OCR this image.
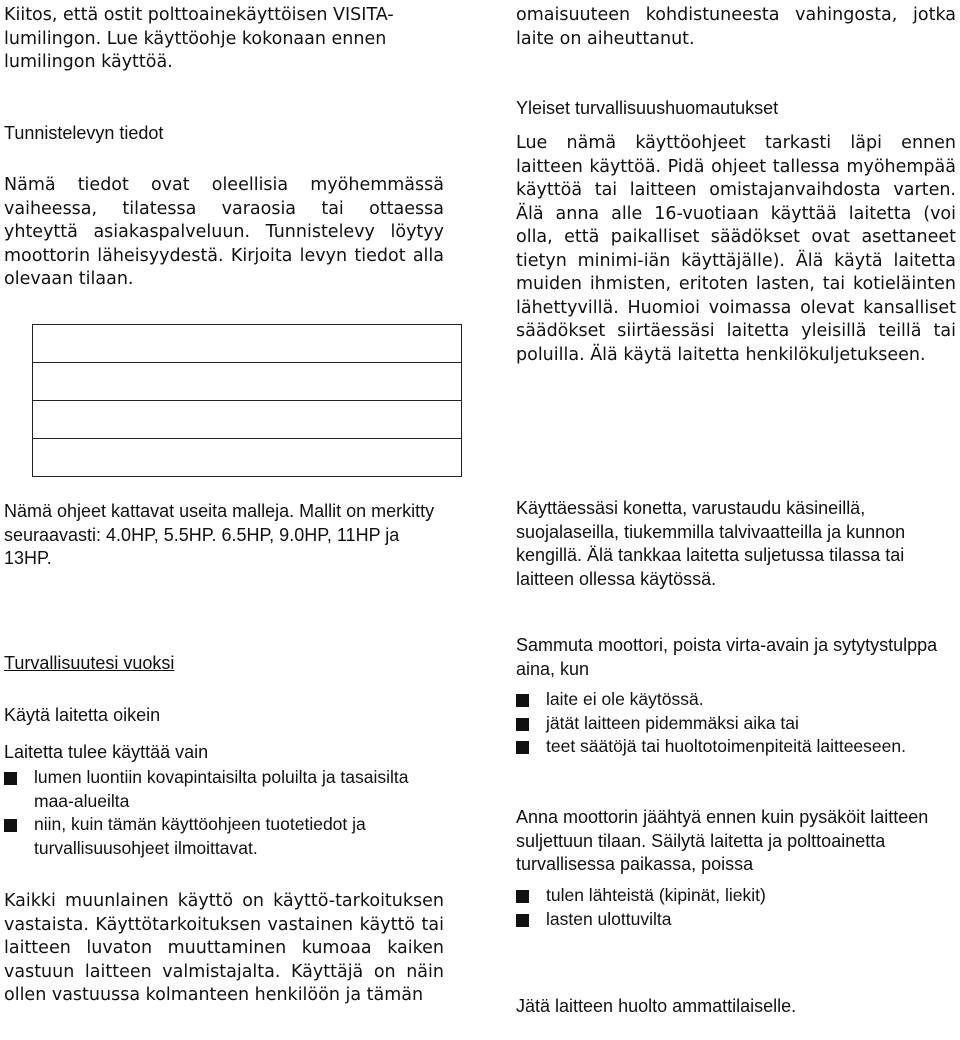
Kiitos, että ostit polttoainekäyttöisen VISITA-lumilingon. Lue käyttöohje kokonaan ennen lumilingon käyttöä.

Tunnistelevyn tiedot

Nämä tiedot ovat oleellisia myöhemmässä vaiheessa, tilatessa varaosia tai ottaessa yhteyttä asiakaspalveluun. Tunnistelevy löytyy moottorin läheisyydestä. Kirjoita levyn tiedot alla olevaan tilaan.

Nämä ohjeet kattavat useita malleja. Mallit on merkitty seuraavasti: 4.0HP, 5.5HP. 6.5HP, 9.0HP, 11HP ja 13HP.

Turvallisuutesi vuoksi
Käytä laitetta oikein

Laitetta tulee käyttää vain

lumen luontiin kovapintaisilta poluilta ja tasaisilta maa-alueilta
niin, kuin tämän käyttöohjeen tuotetiedot ja turvallisuusohjeet ilmoittavat.

Kaikki muunlainen käyttö on käyttö-tarkoituksen vastaista. Käyttötarkoituksen vastainen käyttö tai laitteen luvaton muuttaminen kumoaa kaiken vastuun laitteen valmistajalta. Käyttäjä on näin ollen vastuussa kolmanteen henkilöön ja tämän

omaisuuteen kohdistuneesta vahingosta, jotka laite on aiheuttanut.

Yleiset turvallisuushuomautukset

Lue nämä käyttöohjeet tarkasti läpi ennen laitteen käyttöä. Pidä ohjeet tallessa myöhempää käyttöä tai laitteen omistajanvaihdosta varten. Älä anna alle 16-vuotiaan käyttää laitetta (voi olla, että paikalliset säädökset ovat asettaneet tietyn minimi-iän käyttäjälle). Älä käytä laitetta muiden ihmisten, eritoten lasten, tai kotieläinten lähettyvillä. Huomioi voimassa olevat kansalliset säädökset siirtäessäsi laitetta yleisillä teillä tai poluilla. Älä käytä laitetta henkilökuljetukseen.

Käyttäessäsi konetta, varustaudu käsineillä, suojalaseilla, tiukemmilla talvivaatteilla ja kunnon kengillä. Älä tankkaa laitetta suljetussa tilassa tai laitteen ollessa käytössä.

Sammuta moottori, poista virta-avain ja sytytystulppa aina, kun

laite ei ole käytössä.
jätät laitteen pidemmäksi aika tai
teet säätöjä tai huoltotoimenpiteitä laitteeseen.

Anna moottorin jäähtyä ennen kuin pysäköit laitteen suljettuun tilaan. Säilytä laitetta ja polttoainetta turvallisessa paikassa, poissa

tulen lähteistä (kipinät, liekit)
lasten ulottuvilta

Jätä laitteen huolto ammattilaiselle.
